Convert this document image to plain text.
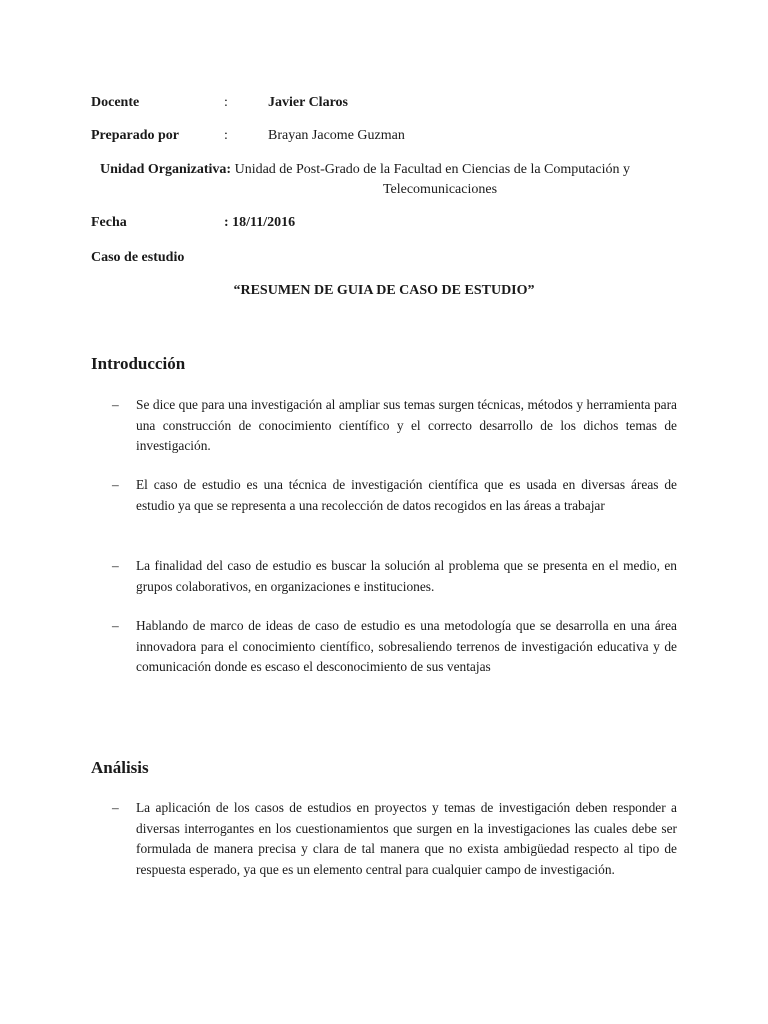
Docente	:	Javier Claros
Preparado por	:	Brayan Jacome Guzman
Unidad Organizativa: Unidad de Post-Grado de la Facultad en Ciencias de la Computación y
Telecomunicaciones
Fecha	: 18/11/2016
Caso de estudio
“RESUMEN DE GUIA DE CASO DE ESTUDIO”
Introducción
– Se dice que para una investigación al ampliar sus temas surgen técnicas, métodos y herramienta para una construcción de conocimiento científico y el correcto desarrollo de los dichos temas de investigación.
– El caso de estudio es una técnica de investigación científica que es usada en diversas áreas de estudio ya que se representa a una recolección de datos recogidos en las áreas a trabajar
– La finalidad del caso de estudio es buscar la solución al problema que se presenta en el medio, en grupos colaborativos, en organizaciones e instituciones.
– Hablando de marco de ideas de caso de estudio es una metodología que se desarrolla en una área innovadora para el conocimiento científico, sobresaliendo terrenos de investigación educativa y de comunicación donde es escaso el desconocimiento de sus ventajas
Análisis
– La aplicación de los casos de estudios en proyectos y temas de investigación deben responder a diversas interrogantes en los cuestionamientos que surgen en la investigaciones las cuales debe ser formulada de manera precisa y clara de tal manera que no exista ambigüedad respecto al tipo de respuesta esperado, ya que es un elemento central para cualquier campo de investigación.
